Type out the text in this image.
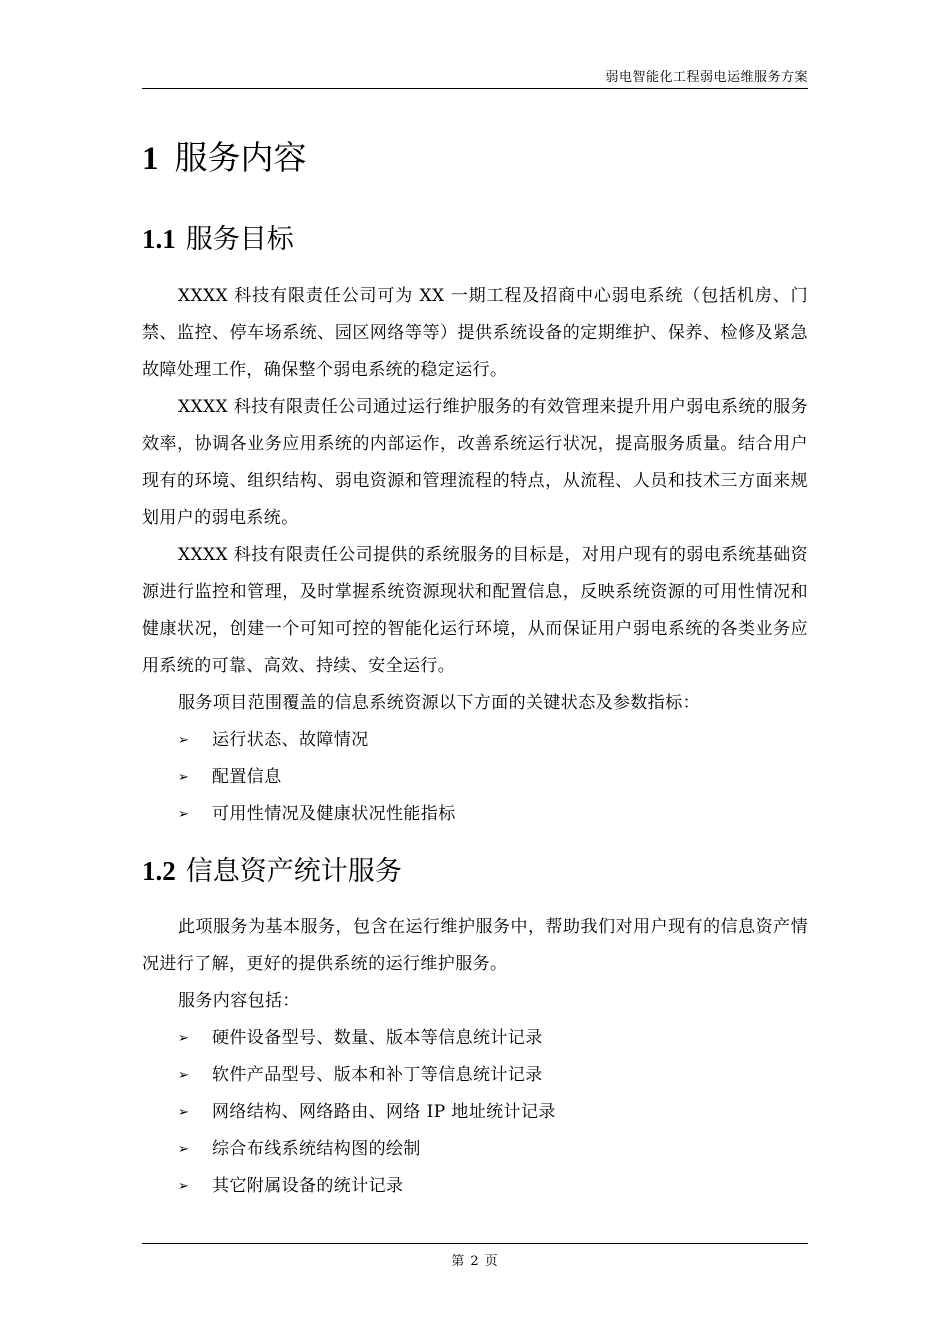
弱电智能化工程弱电运维服务方案
1 服务内容
1.1 服务目标

XXXX 科技有限责任公司可为 XX 一期工程及招商中心弱电系统（包括机房、门禁、监控、停车场系统、园区网络等等）提供系统设备的定期维护、保养、检修及紧急故障处理工作，确保整个弱电系统的稳定运行。

XXXX 科技有限责任公司通过运行维护服务的有效管理来提升用户弱电系统的服务效率，协调各业务应用系统的内部运作，改善系统运行状况，提高服务质量。结合用户现有的环境、组织结构、弱电资源和管理流程的特点，从流程、人员和技术三方面来规划用户的弱电系统。

XXXX 科技有限责任公司提供的系统服务的目标是，对用户现有的弱电系统基础资源进行监控和管理，及时掌握系统资源现状和配置信息，反映系统资源的可用性情况和健康状况，创建一个可知可控的智能化运行环境，从而保证用户弱电系统的各类业务应用系统的可靠、高效、持续、安全运行。

服务项目范围覆盖的信息系统资源以下方面的关键状态及参数指标：

➢	运行状态、故障情况
➢	配置信息
➢	可用性情况及健康状况性能指标
1.2 信息资产统计服务

此项服务为基本服务，包含在运行维护服务中，帮助我们对用户现有的信息资产情况进行了解，更好的提供系统的运行维护服务。

服务内容包括：

➢	硬件设备型号、数量、版本等信息统计记录
➢	软件产品型号、版本和补丁等信息统计记录
➢	网络结构、网络路由、网络 IP 地址统计记录
➢	综合布线系统结构图的绘制
➢	其它附属设备的统计记录
第 2 页
